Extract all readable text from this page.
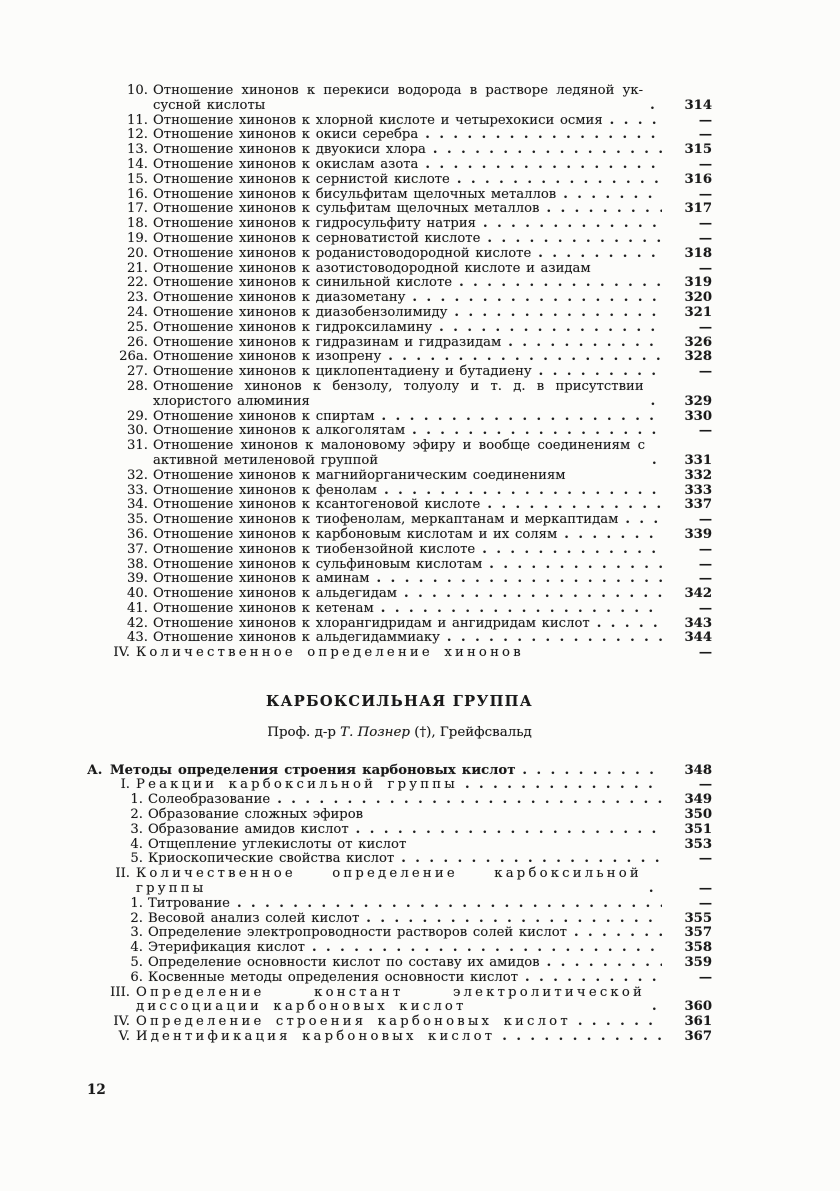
10. Отношение хинонов к перекиси водорода в растворе ледяной уксусной кислоты .....	314
11. Отношение хинонов к хлорной кислоте и четырехокиси осмия .....	—
12. Отношение хинонов к окиси серебра .....	—
13. Отношение хинонов к двуокиси хлора .....	315
14. Отношение хинонов к окислам азота .....	—
15. Отношение хинонов к сернистой кислоте .....	316
16. Отношение хинонов к бисульфитам щелочных металлов .....	—
17. Отношение хинонов к сульфитам щелочных металлов .....	317
18. Отношение хинонов к гидросульфиту натрия .....	—
19. Отношение хинонов к серноватистой кислоте .....	—
20. Отношение хинонов к роданистоводородной кислоте .....	318
21. Отношение хинонов к азотистоводородной кислоте и азидам	—
22. Отношение хинонов к синильной кислоте .....	319
23. Отношение хинонов к диазометану .....	320
24. Отношение хинонов к диазобензолимиду .....	321
25. Отношение хинонов к гидроксиламину .....	—
26. Отношение хинонов к гидразинам и гидразидам .....	326
26а. Отношение хинонов к изопрену .....	328
27. Отношение хинонов к циклопентадиену и бутадиену .....	—
28. Отношение хинонов к бензолу, толуолу и т. д. в присутствии хлористого алюминия .....	329
29. Отношение хинонов к спиртам .....	330
30. Отношение хинонов к алкоголятам .....	—
31. Отношение хинонов к малоновому эфиру и вообще соединениям с активной метиленовой группой .....	331
32. Отношение хинонов к магнийорганическим соединениям	332
33. Отношение хинонов к фенолам .....	333
34. Отношение хинонов к ксантогеновой кислоте .....	337
35. Отношение хинонов к тиофенолам, меркаптанам и меркаптидам .....	—
36. Отношение хинонов к карбоновым кислотам и их солям .....	339
37. Отношение хинонов к тиобензойной кислоте .....	—
38. Отношение хинонов к сульфиновым кислотам .....	—
39. Отношение хинонов к аминам .....	—
40. Отношение хинонов к альдегидам .....	342
41. Отношение хинонов к кетенам .....	—
42. Отношение хинонов к хлорангидридам и ангидридам кислот .....	343
43. Отношение хинонов к альдегидаммиаку .....	344
IV. Количественное определение хинонов	—
КАРБОКСИЛЬНАЯ ГРУППА
Проф. д-р Т. Познер (†), Грейфсвальд
А. Методы определения строения карбоновых кислот .....	348
I. Реакции карбоксильной группы .....	—
1. Солеобразование .....	349
2. Образование сложных эфиров	350
3. Образование амидов кислот .....	351
4. Отщепление углекислоты от кислот	353
5. Криоскопические свойства кислот .....	—
II. Количественное определение карбоксильной группы .....	—
1. Титрование .....	—
2. Весовой анализ солей кислот .....	355
3. Определение электропроводности растворов солей кислот .....	357
4. Этерификация кислот .....	358
5. Определение основности кислот по составу их амидов .....	359
6. Косвенные методы определения основности кислот .....	—
III. Определение констант электролитической диссоциации карбоновых кислот .....	360
IV. Определение строения карбоновых кислот .....	361
V. Идентификация карбоновых кислот .....	367
12
